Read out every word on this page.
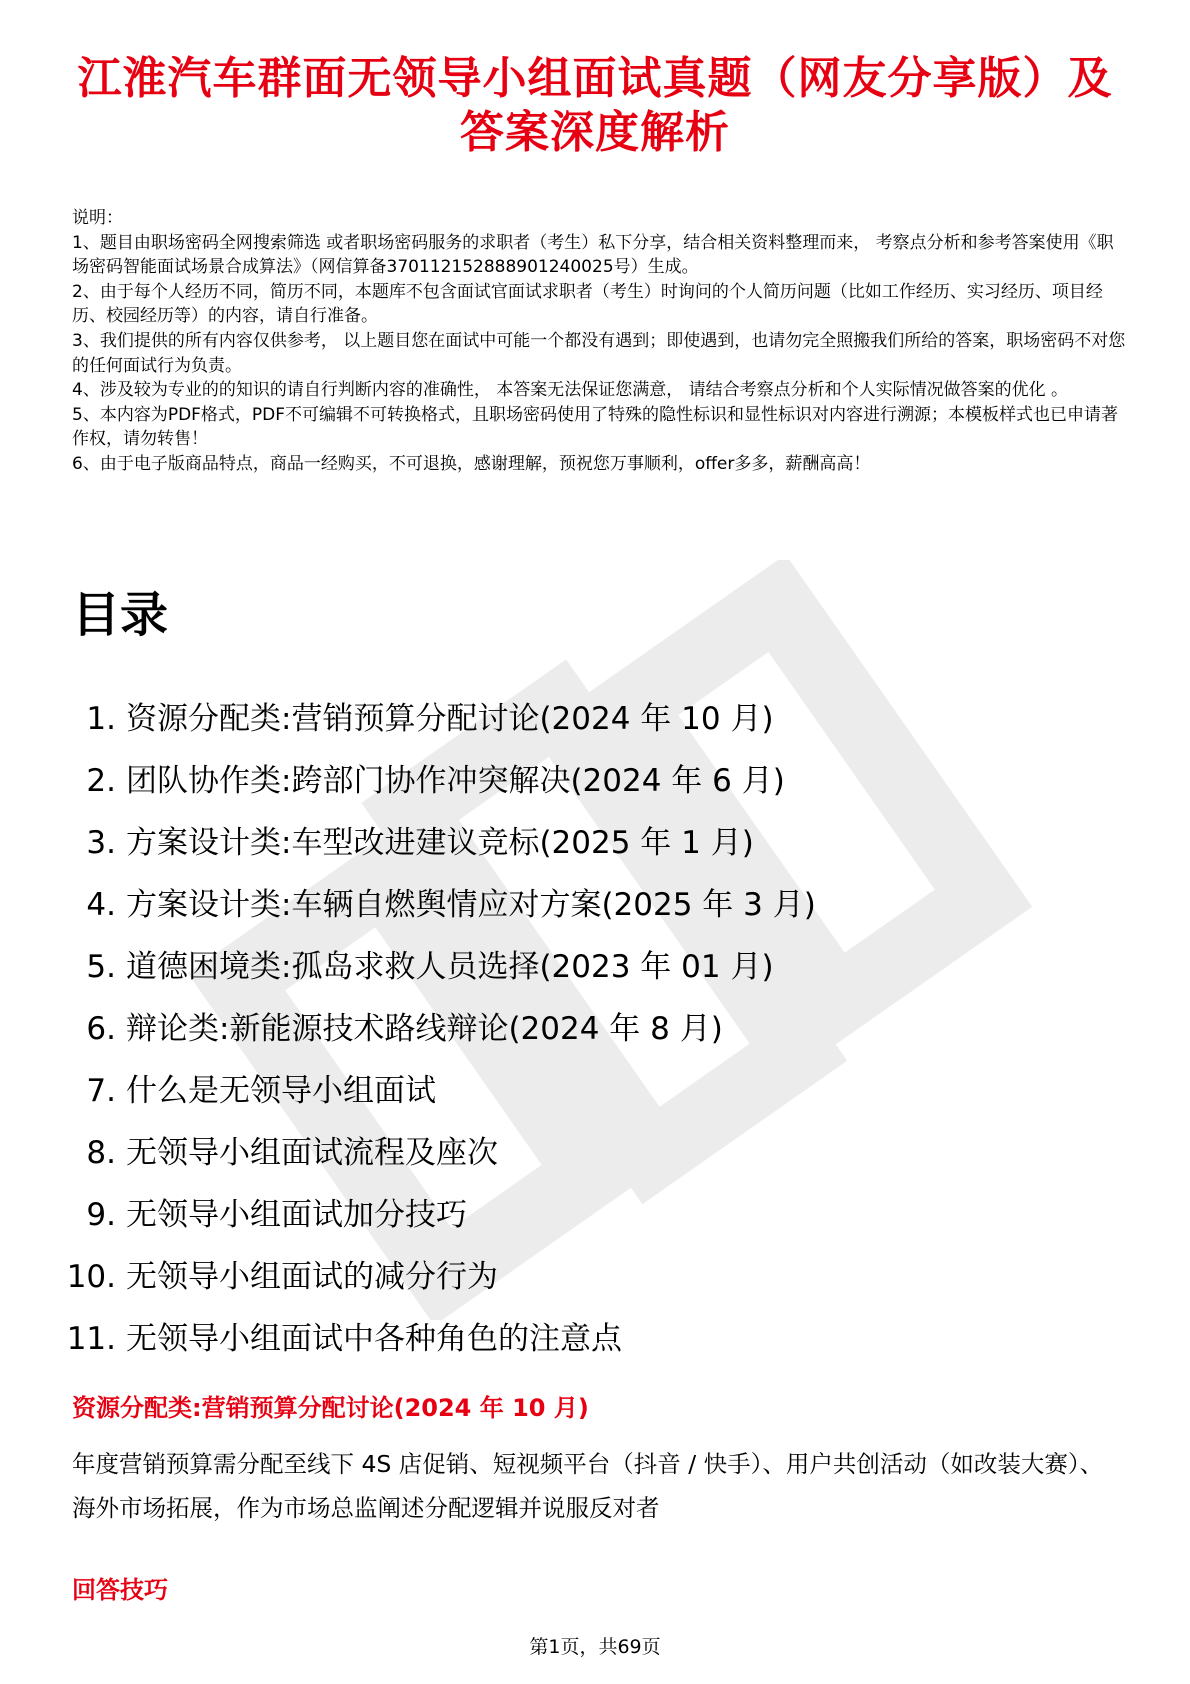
江淮汽车群面无领导小组面试真题（网友分享版）及答案深度解析

说明：

1、题目由职场密码全网搜索筛选 或者职场密码服务的求职者（考生）私下分享，结合相关资料整理而来， 考察点分析和参考答案使用《职场密码智能面试场景合成算法》（网信算备370112152888901240025号）生成。

2、由于每个人经历不同，简历不同，本题库不包含面试官面试求职者（考生）时询问的个人简历问题（比如工作经历、实习经历、项目经历、校园经历等）的内容，请自行准备。

3、我们提供的所有内容仅供参考， 以上题目您在面试中可能一个都没有遇到；即使遇到，也请勿完全照搬我们所给的答案，职场密码不对您的任何面试行为负责。

4、涉及较为专业的的知识的请自行判断内容的准确性， 本答案无法保证您满意， 请结合考察点分析和个人实际情况做答案的优化 。

5、本内容为PDF格式，PDF不可编辑不可转换格式，且职场密码使用了特殊的隐性标识和显性标识对内容进行溯源；本模板样式也已申请著作权，请勿转售！

6、由于电子版商品特点，商品一经购买，不可退换，感谢理解，预祝您万事顺利，offer多多，薪酬高高！

目录
1. 资源分配类:营销预算分配讨论(2024 年 10 月)
2. 团队协作类:跨部门协作冲突解决(2024 年 6 月)
3. 方案设计类:车型改进建议竞标(2025 年 1 月)
4. 方案设计类:车辆自燃舆情应对方案(2025 年 3 月)
5. 道德困境类:孤岛求救人员选择(2023 年 01 月)
6. 辩论类:新能源技术路线辩论(2024 年 8 月)
7. 什么是无领导小组面试
8. 无领导小组面试流程及座次
9. 无领导小组面试加分技巧
10. 无领导小组面试的减分行为
11. 无领导小组面试中各种角色的注意点
资源分配类:营销预算分配讨论(2024 年 10 月)
年度营销预算需分配至线下 4S 店促销、短视频平台（抖音 / 快手）、用户共创活动（如改装大赛）、海外市场拓展，作为市场总监阐述分配逻辑并说服反对者
回答技巧
第1页，共69页
